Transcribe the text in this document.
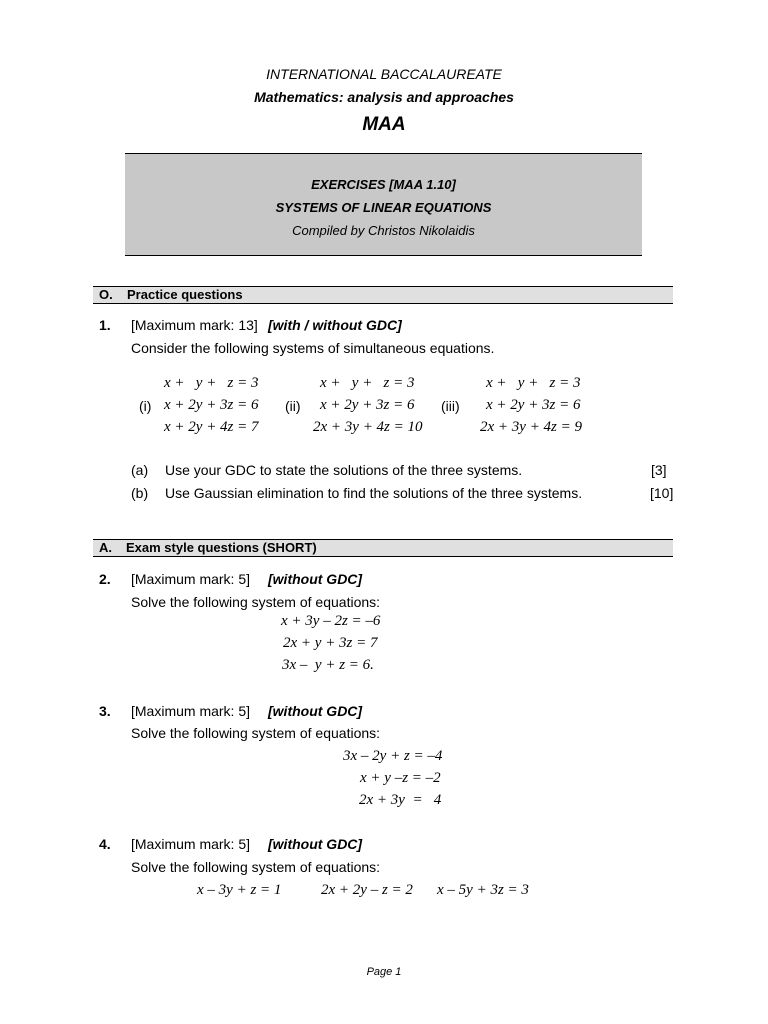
INTERNATIONAL BACCALAUREATE
Mathematics: analysis and approaches
MAA
EXERCISES [MAA 1.10]
SYSTEMS OF LINEAR EQUATIONS
Compiled by Christos Nikolaidis
O. Practice questions
1. [Maximum mark: 13] [with / without GDC]
Consider the following systems of simultaneous equations.
(i)
x +   y +   z = 3
x + 2y + 3z = 6
x + 2y + 4z = 7
(ii)
x +   y +   z = 3
x + 2y + 3z = 6
2x + 3y + 4z = 10
(iii)
x +   y +   z = 3
x + 2y + 3z = 6
2x + 3y + 4z = 9
(a) Use your GDC to state the solutions of the three systems.	[3]
(b) Use Gaussian elimination to find the solutions of the three systems.	[10]
A. Exam style questions (SHORT)
2. [Maximum mark: 5] [without GDC]
Solve the following system of equations:
x + 3y – 2z = –6
2x + y + 3z = 7
3x –  y + z = 6.
3. [Maximum mark: 5] [without GDC]
Solve the following system of equations:
3x – 2y + z = –4
x + y –z = –2
2x + 3y  =   4
4. [Maximum mark: 5] [without GDC]
Solve the following system of equations:
x – 3y + z = 1	2x + 2y – z = 2 x – 5y + 3z = 3
Page 1
